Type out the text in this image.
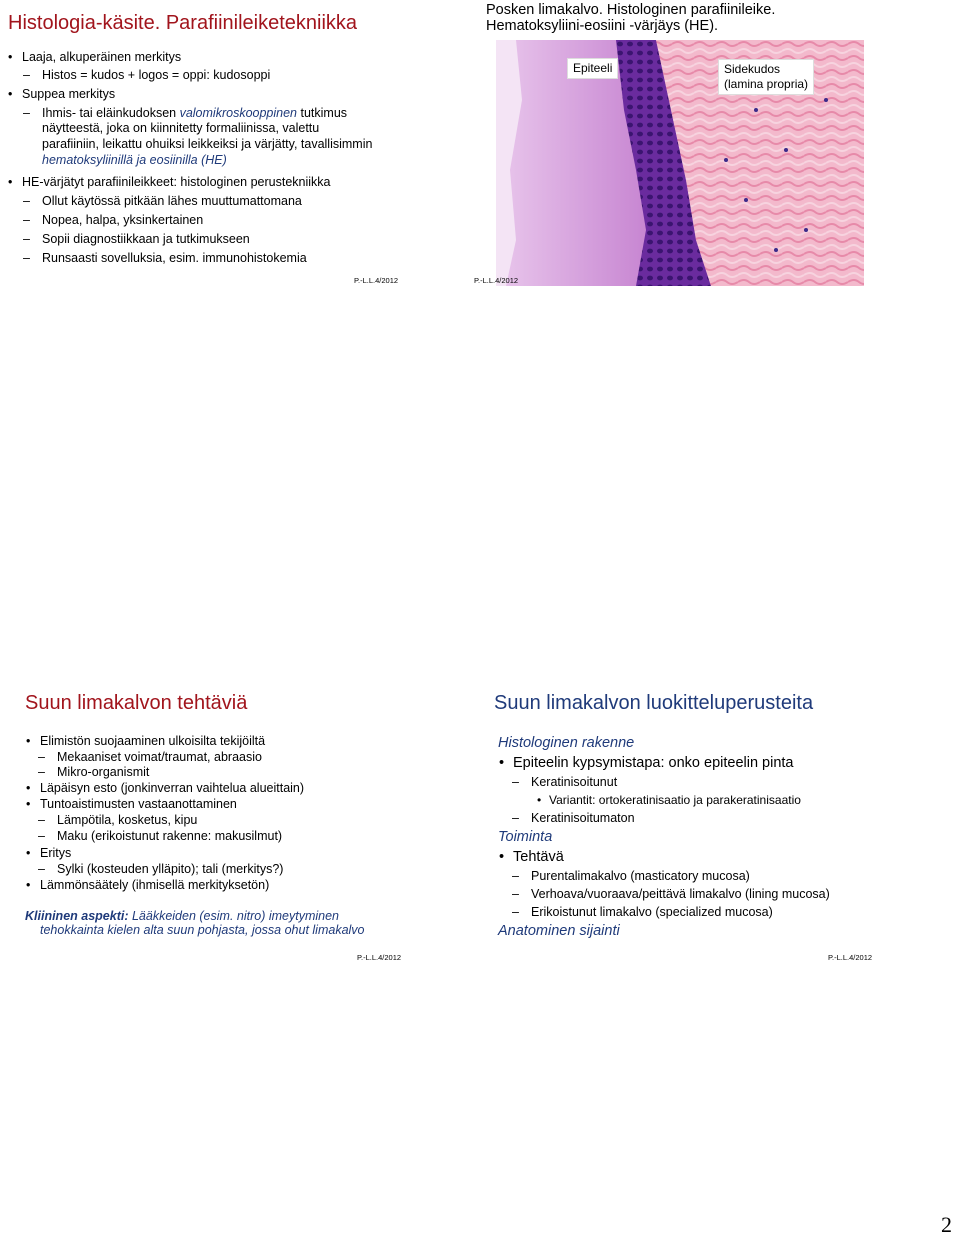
Histologia-käsite. Parafiinileiketekniikka
• Laaja, alkuperäinen merkitys
– Histos = kudos + logos = oppi: kudosoppi
• Suppea merkitys
– Ihmis- tai eläinkudoksen valomikroskooppinen tutkimus
näytteestä, joka on kiinnitetty formaliinissa, valettu
parafiiniin, leikattu ohuiksi leikkeiksi ja värjätty, tavallisimmin
hematoksyliinillä ja eosiinilla (HE)
• HE-värjätyt parafiinileikkeet: histologinen perustekniikka
– Ollut käytössä pitkään lähes muuttumattomana
– Nopea, halpa, yksinkertainen
– Sopii diagnostiikkaan ja tutkimukseen
– Runsaasti sovelluksia, esim. immunohistokemia
P.-L.L.4/2012
Posken limakalvo. Histologinen parafiinileike.
Hematoksyliini-eosiini -värjäys (HE).
Epiteeli	Sidekudos
(lamina propria)
P.-L.L.4/2012
Suun limakalvon tehtäviä
• Elimistön suojaaminen ulkoisilta tekijöiltä
– Mekaaniset voimat/traumat, abraasio
– Mikro-organismit
• Läpäisyn esto (jonkinverran vaihtelua alueittain)
• Tuntoaistimusten vastaanottaminen
– Lämpötila, kosketus, kipu
– Maku (erikoistunut rakenne: makusilmut)
• Eritys
– Sylki (kosteuden ylläpito); tali (merkitys?)
• Lämmönsäätely (ihmisellä merkityksetön)
Kliininen aspekti: Lääkkeiden (esim. nitro) imeytyminen
tehokkainta kielen alta suun pohjasta, jossa ohut limakalvo
P.-L.L.4/2012
Suun limakalvon luokitteluperusteita
Histologinen rakenne
• Epiteelin kypsymistapa: onko epiteelin pinta
– Keratinisoitunut
• Variantit: ortokeratinisaatio ja parakeratinisaatio
– Keratinisoitumaton
Toiminta
• Tehtävä
– Purentalimakalvo (masticatory mucosa)
– Verhoava/vuoraava/peittävä limakalvo (lining mucosa)
– Erikoistunut limakalvo (specialized mucosa)
Anatominen sijainti
P.-L.L.4/2012
2
